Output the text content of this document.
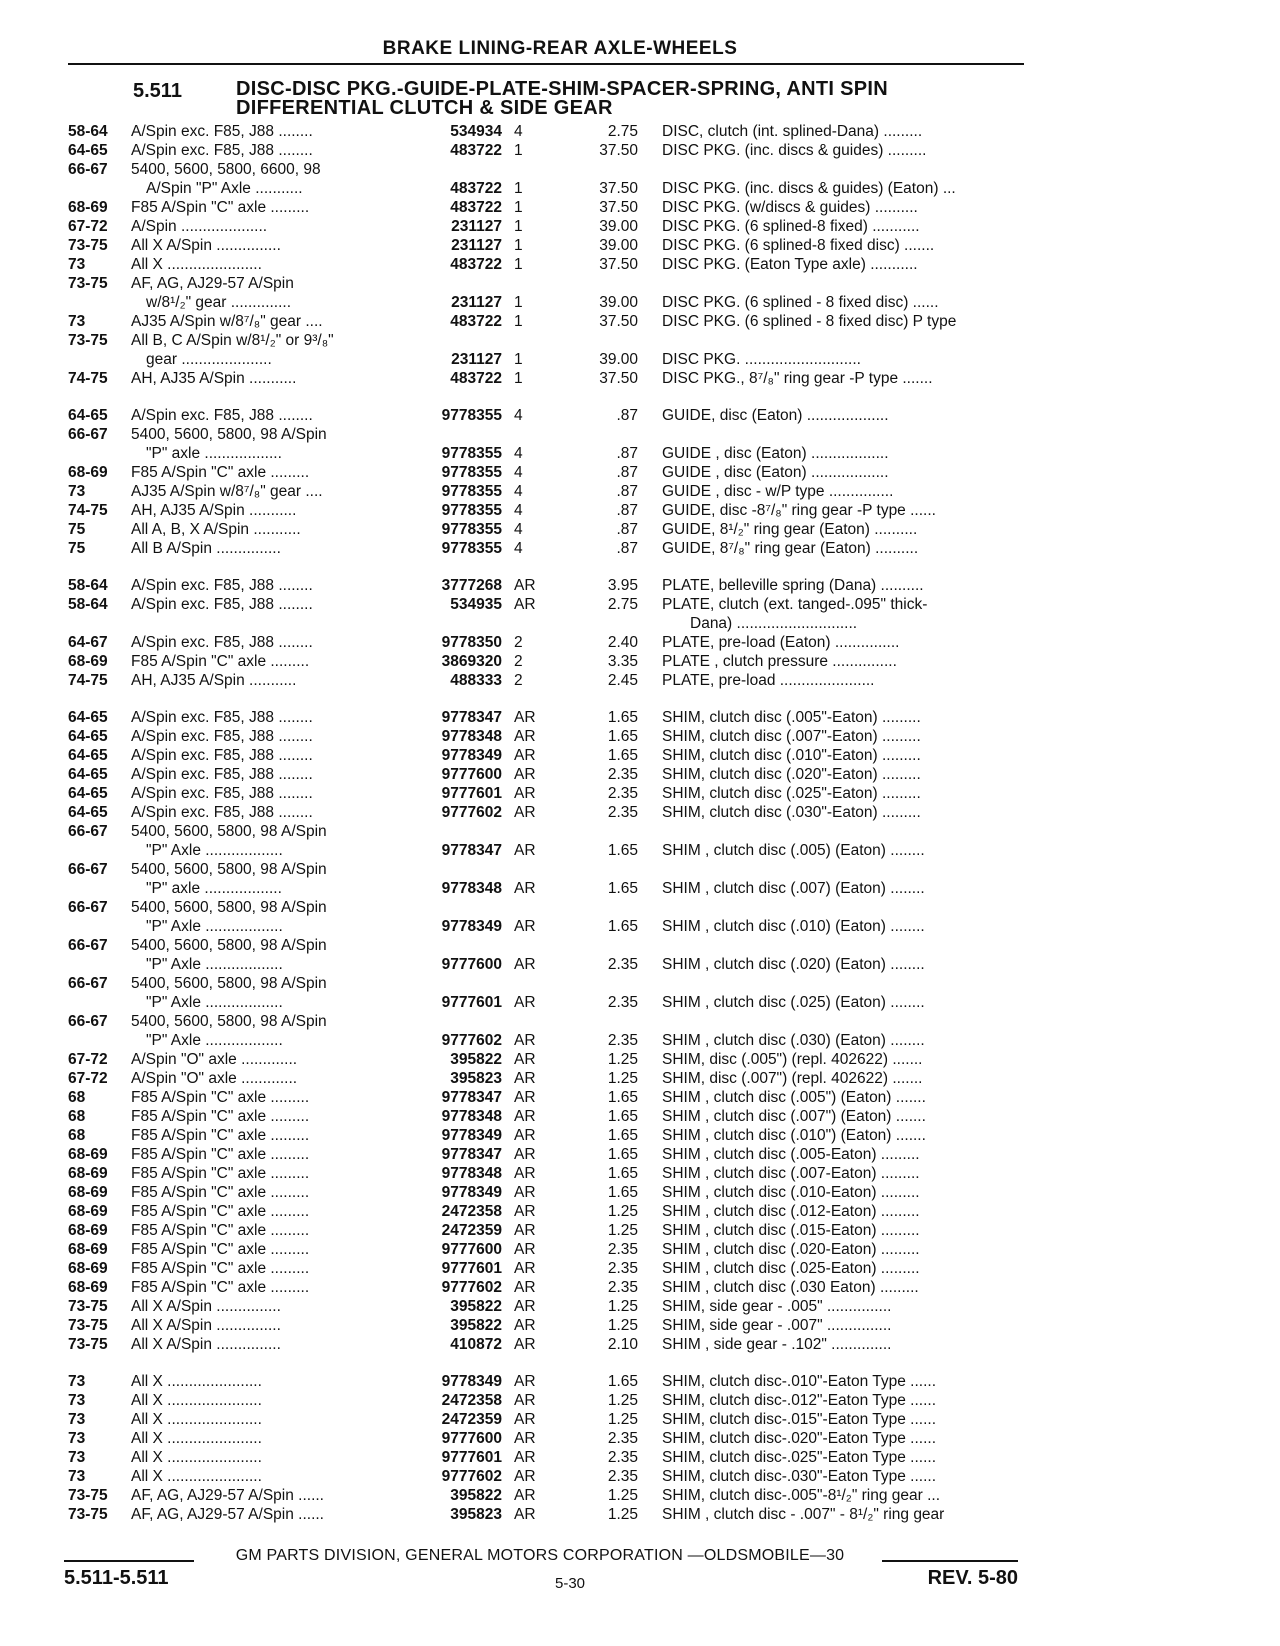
BRAKE LINING-REAR AXLE-WHEELS
5.511	DISC-DISC PKG.-GUIDE-PLATE-SHIM-SPACER-SPRING, ANTI SPIN
DIFFERENTIAL CLUTCH & SIDE GEAR
58-64 A/Spin exc. F85, J88 ........	534934 4	2.75 DISC, clutch (int. splined-Dana) .........
64-65 A/Spin exc. F85, J88 ........	483722 1	37.50 DISC PKG. (inc. discs & guides) .........
66-67 5400, 5600, 5800, 6600, 98
A/Spin "P" Axle ...........	483722 1	37.50 DISC PKG. (inc. discs & guides) (Eaton) ...
68-69 F85 A/Spin "C" axle .........	483722 1	37.50 DISC PKG. (w/discs & guides) ..........
67-72 A/Spin ....................	231127 1	39.00 DISC PKG. (6 splined-8 fixed) ...........
73-75 All X A/Spin ...............	231127 1	39.00 DISC PKG. (6 splined-8 fixed disc) .......
73	All X ......................	483722 1	37.50 DISC PKG. (Eaton Type axle) ...........
73-75 AF, AG, AJ29-57 A/Spin
w/8¹/₂" gear ..............	231127 1	39.00 DISC PKG. (6 splined - 8 fixed disc) ......
73	AJ35 A/Spin w/8⁷/₈" gear ....	483722 1	37.50 DISC PKG. (6 splined - 8 fixed disc) P type
73-75 All B, C A/Spin w/8¹/₂" or 9³/₈"
gear .....................	231127 1	39.00 DISC PKG. ...........................
74-75 AH, AJ35 A/Spin ...........	483722 1	37.50 DISC PKG., 8⁷/₈" ring gear -P type .......
64-65 A/Spin exc. F85, J88 ........	9778355 4	.87 GUIDE, disc (Eaton) ...................
66-67 5400, 5600, 5800, 98 A/Spin
"P" axle ..................	9778355 4	.87 GUIDE , disc (Eaton) ..................
68-69 F85 A/Spin "C" axle .........	9778355 4	.87 GUIDE , disc (Eaton) ..................
73	AJ35 A/Spin w/8⁷/₈" gear ....	9778355 4	.87 GUIDE , disc - w/P type ...............
74-75 AH, AJ35 A/Spin ...........	9778355 4	.87 GUIDE, disc -8⁷/₈" ring gear -P type ......
75	All A, B, X A/Spin ...........	9778355 4	.87 GUIDE, 8¹/₂" ring gear (Eaton) ..........
75	All B A/Spin ...............	9778355 4	.87 GUIDE, 8⁷/₈" ring gear (Eaton) ..........
58-64 A/Spin exc. F85, J88 ........	3777268 AR	3.95 PLATE, belleville spring (Dana) ..........
58-64 A/Spin exc. F85, J88 ........	534935 AR	2.75 PLATE, clutch (ext. tanged-.095" thick-
Dana) ............................
64-67 A/Spin exc. F85, J88 ........	9778350 2	2.40 PLATE, pre-load (Eaton) ...............
68-69 F85 A/Spin "C" axle .........	3869320 2	3.35 PLATE , clutch pressure ...............
74-75 AH, AJ35 A/Spin ...........	488333 2	2.45 PLATE, pre-load ......................
64-65 A/Spin exc. F85, J88 ........	9778347 AR	1.65 SHIM, clutch disc (.005"-Eaton) .........
64-65 A/Spin exc. F85, J88 ........	9778348 AR	1.65 SHIM, clutch disc (.007"-Eaton) .........
64-65 A/Spin exc. F85, J88 ........	9778349 AR	1.65 SHIM, clutch disc (.010"-Eaton) .........
64-65 A/Spin exc. F85, J88 ........	9777600 AR	2.35 SHIM, clutch disc (.020"-Eaton) .........
64-65 A/Spin exc. F85, J88 ........	9777601 AR	2.35 SHIM, clutch disc (.025"-Eaton) .........
64-65 A/Spin exc. F85, J88 ........	9777602 AR	2.35 SHIM, clutch disc (.030"-Eaton) .........
66-67 5400, 5600, 5800, 98 A/Spin
"P" Axle ..................	9778347 AR	1.65 SHIM , clutch disc (.005) (Eaton) ........
66-67 5400, 5600, 5800, 98 A/Spin
"P" axle ..................	9778348 AR	1.65 SHIM , clutch disc (.007) (Eaton) ........
66-67 5400, 5600, 5800, 98 A/Spin
"P" Axle ..................	9778349 AR	1.65 SHIM , clutch disc (.010) (Eaton) ........
66-67 5400, 5600, 5800, 98 A/Spin
"P" Axle ..................	9777600 AR	2.35 SHIM , clutch disc (.020) (Eaton) ........
66-67 5400, 5600, 5800, 98 A/Spin
"P" Axle ..................	9777601 AR	2.35 SHIM , clutch disc (.025) (Eaton) ........
66-67 5400, 5600, 5800, 98 A/Spin
"P" Axle ..................	9777602 AR	2.35 SHIM , clutch disc (.030) (Eaton) ........
67-72 A/Spin "O" axle .............	395822 AR	1.25 SHIM, disc (.005") (repl. 402622) .......
67-72 A/Spin "O" axle .............	395823 AR	1.25 SHIM, disc (.007") (repl. 402622) .......
68	F85 A/Spin "C" axle .........	9778347 AR	1.65 SHIM , clutch disc (.005") (Eaton) .......
68	F85 A/Spin "C" axle .........	9778348 AR	1.65 SHIM , clutch disc (.007") (Eaton) .......
68	F85 A/Spin "C" axle .........	9778349 AR	1.65 SHIM , clutch disc (.010") (Eaton) .......
68-69 F85 A/Spin "C" axle .........	9778347 AR	1.65 SHIM , clutch disc (.005-Eaton) .........
68-69 F85 A/Spin "C" axle .........	9778348 AR	1.65 SHIM , clutch disc (.007-Eaton) .........
68-69 F85 A/Spin "C" axle .........	9778349 AR	1.65 SHIM , clutch disc (.010-Eaton) .........
68-69 F85 A/Spin "C" axle .........	2472358 AR	1.25 SHIM , clutch disc (.012-Eaton) .........
68-69 F85 A/Spin "C" axle .........	2472359 AR	1.25 SHIM , clutch disc (.015-Eaton) .........
68-69 F85 A/Spin "C" axle .........	9777600 AR	2.35 SHIM , clutch disc (.020-Eaton) .........
68-69 F85 A/Spin "C" axle .........	9777601 AR	2.35 SHIM , clutch disc (.025-Eaton) .........
68-69 F85 A/Spin "C" axle .........	9777602 AR	2.35 SHIM , clutch disc (.030 Eaton) .........
73-75 All X A/Spin ...............	395822 AR	1.25 SHIM, side gear - .005" ...............
73-75 All X A/Spin ...............	395822 AR	1.25 SHIM, side gear - .007" ...............
73-75 All X A/Spin ...............	410872 AR	2.10 SHIM , side gear - .102" ..............
73	All X ......................	9778349 AR	1.65 SHIM, clutch disc-.010"-Eaton Type ......
73	All X ......................	2472358 AR	1.25 SHIM, clutch disc-.012"-Eaton Type ......
73	All X ......................	2472359 AR	1.25 SHIM, clutch disc-.015"-Eaton Type ......
73	All X ......................	9777600 AR	2.35 SHIM, clutch disc-.020"-Eaton Type ......
73	All X ......................	9777601 AR	2.35 SHIM, clutch disc-.025"-Eaton Type ......
73	All X ......................	9777602 AR	2.35 SHIM, clutch disc-.030"-Eaton Type ......
73-75 AF, AG, AJ29-57 A/Spin ......	395822 AR	1.25 SHIM, clutch disc-.005"-8¹/₂" ring gear ...
73-75 AF, AG, AJ29-57 A/Spin ......	395823 AR	1.25 SHIM , clutch disc - .007" - 8¹/₂" ring gear
GM PARTS DIVISION, GENERAL MOTORS CORPORATION —OLDSMOBILE—30
5.511-5.511	5-30	REV. 5-80
